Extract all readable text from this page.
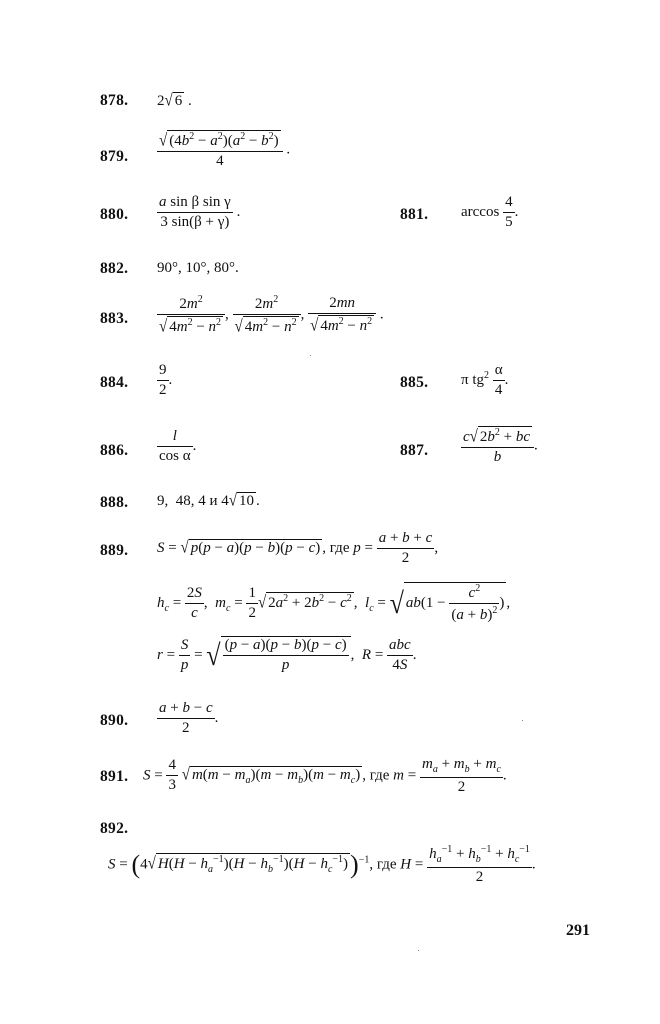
878. 2√ 6 .
879. $\frac{√ (4b^2 - a^2)(a^2 - b^2)}{4}$ .
880. $\frac{\text{a sin β sin γ}}{3 \sin(\beta + \gamma)}$ .	881. $\arccos \frac{4}{5}$ .
882. 90°, 10°, 80°.
883. $\frac{2m^2}{√ 4m^2 - n^2}$ , $\frac{2m^2}{√ 4m^2 - n^2}$ , $\frac{2mn}{√ 4m^2 - n^2}$ .
884. $\frac{9}{2}$ .	885. π $tg^2 \frac{\alpha}{4}$ .
886. $\frac{l}{\text{cos α}}$ .	887. $\frac{c√ 2b^2 + bc}{b}$ .
888. 9,  48, 4 и 4√ 10 .
889. S = √ p(p − a)(p − b)(p − c) , где $p = \frac{a + b + c}{2}$ ,
$h_c = \frac{2S}{c}$ ,  $m_c = \frac{1}{2}$ √ $2a^2 + 2b^2 - c^2$ ,  $l_c$ = √ $ab(1 - \frac{c^2}{(a + b)^2}$ ) ,
$r = \frac{S}{p}$ = √ $\frac{(p - a)(p - b)(p - c)}{p}$ ,  $R = \frac{\text{abc}}{4S}$ .
890. $\frac{a + b - c}{2}$ .
891. $S = \frac{4}{3}$ √ $m(m - m_a)(m - m_b)(m - m_c)$ , где $m = \frac{m_a + m_b + m_c}{2}$ .
892.
S = (4√ $H(H - h_a^{-1})(H - h_b^{-1})(H - h_c^{-1}))^{-1}$, где $H = \frac{h_a^{-1} + h_b^{-1} + h_c^{-1}}{2}$ .
291
